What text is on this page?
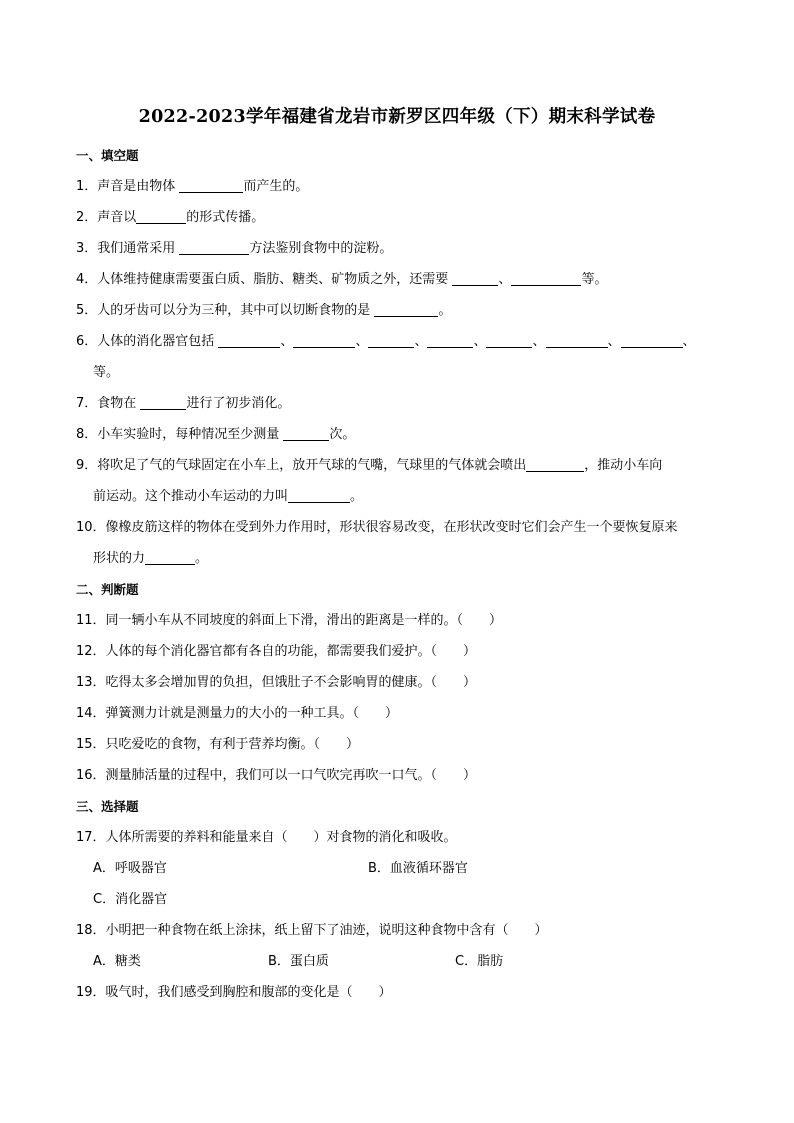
2022-2023学年福建省龙岩市新罗区四年级（下）期末科学试卷
一、填空题
1．声音是由物体	而产生的。
2．声音以	的形式传播。
3．我们通常采用	方法鉴别食物中的淀粉。
4．人体维持健康需要蛋白质、脂肪、糖类、矿物质之外，还需要	、	等。
5．人的牙齿可以分为三种，其中可以切断食物的是	。
6．人体的消化器官包括	、	、	、	、	、	、	、
等。
7．食物在	进行了初步消化。
8．小车实验时，每种情况至少测量	次。
9．将吹足了气的气球固定在小车上，放开气球的气嘴，气球里的气体就会喷出	，推动小车向
前运动。这个推动小车运动的力叫	。
10．像橡皮筋这样的物体在受到外力作用时，形状很容易改变，在形状改变时它们会产生一个要恢复原来
形状的力	。
二、判断题
11．同一辆小车从不同坡度的斜面上下滑，滑出的距离是一样的。（　　）
12．人体的每个消化器官都有各自的功能，都需要我们爱护。（　　）
13．吃得太多会增加胃的负担，但饿肚子不会影响胃的健康。（　　）
14．弹簧测力计就是测量力的大小的一种工具。（　　）
15．只吃爱吃的食物，有利于营养均衡。（　　）
16．测量肺活量的过程中，我们可以一口气吹完再吹一口气。（　　）
三、选择题
17．人体所需要的养料和能量来自（　　）对食物的消化和吸收。
A．呼吸器官	B．血液循环器官
C．消化器官
18．小明把一种食物在纸上涂抹，纸上留下了油迹，说明这种食物中含有（　　）
A．糖类	B．蛋白质	C．脂肪
19．吸气时，我们感受到胸腔和腹部的变化是（　　）
